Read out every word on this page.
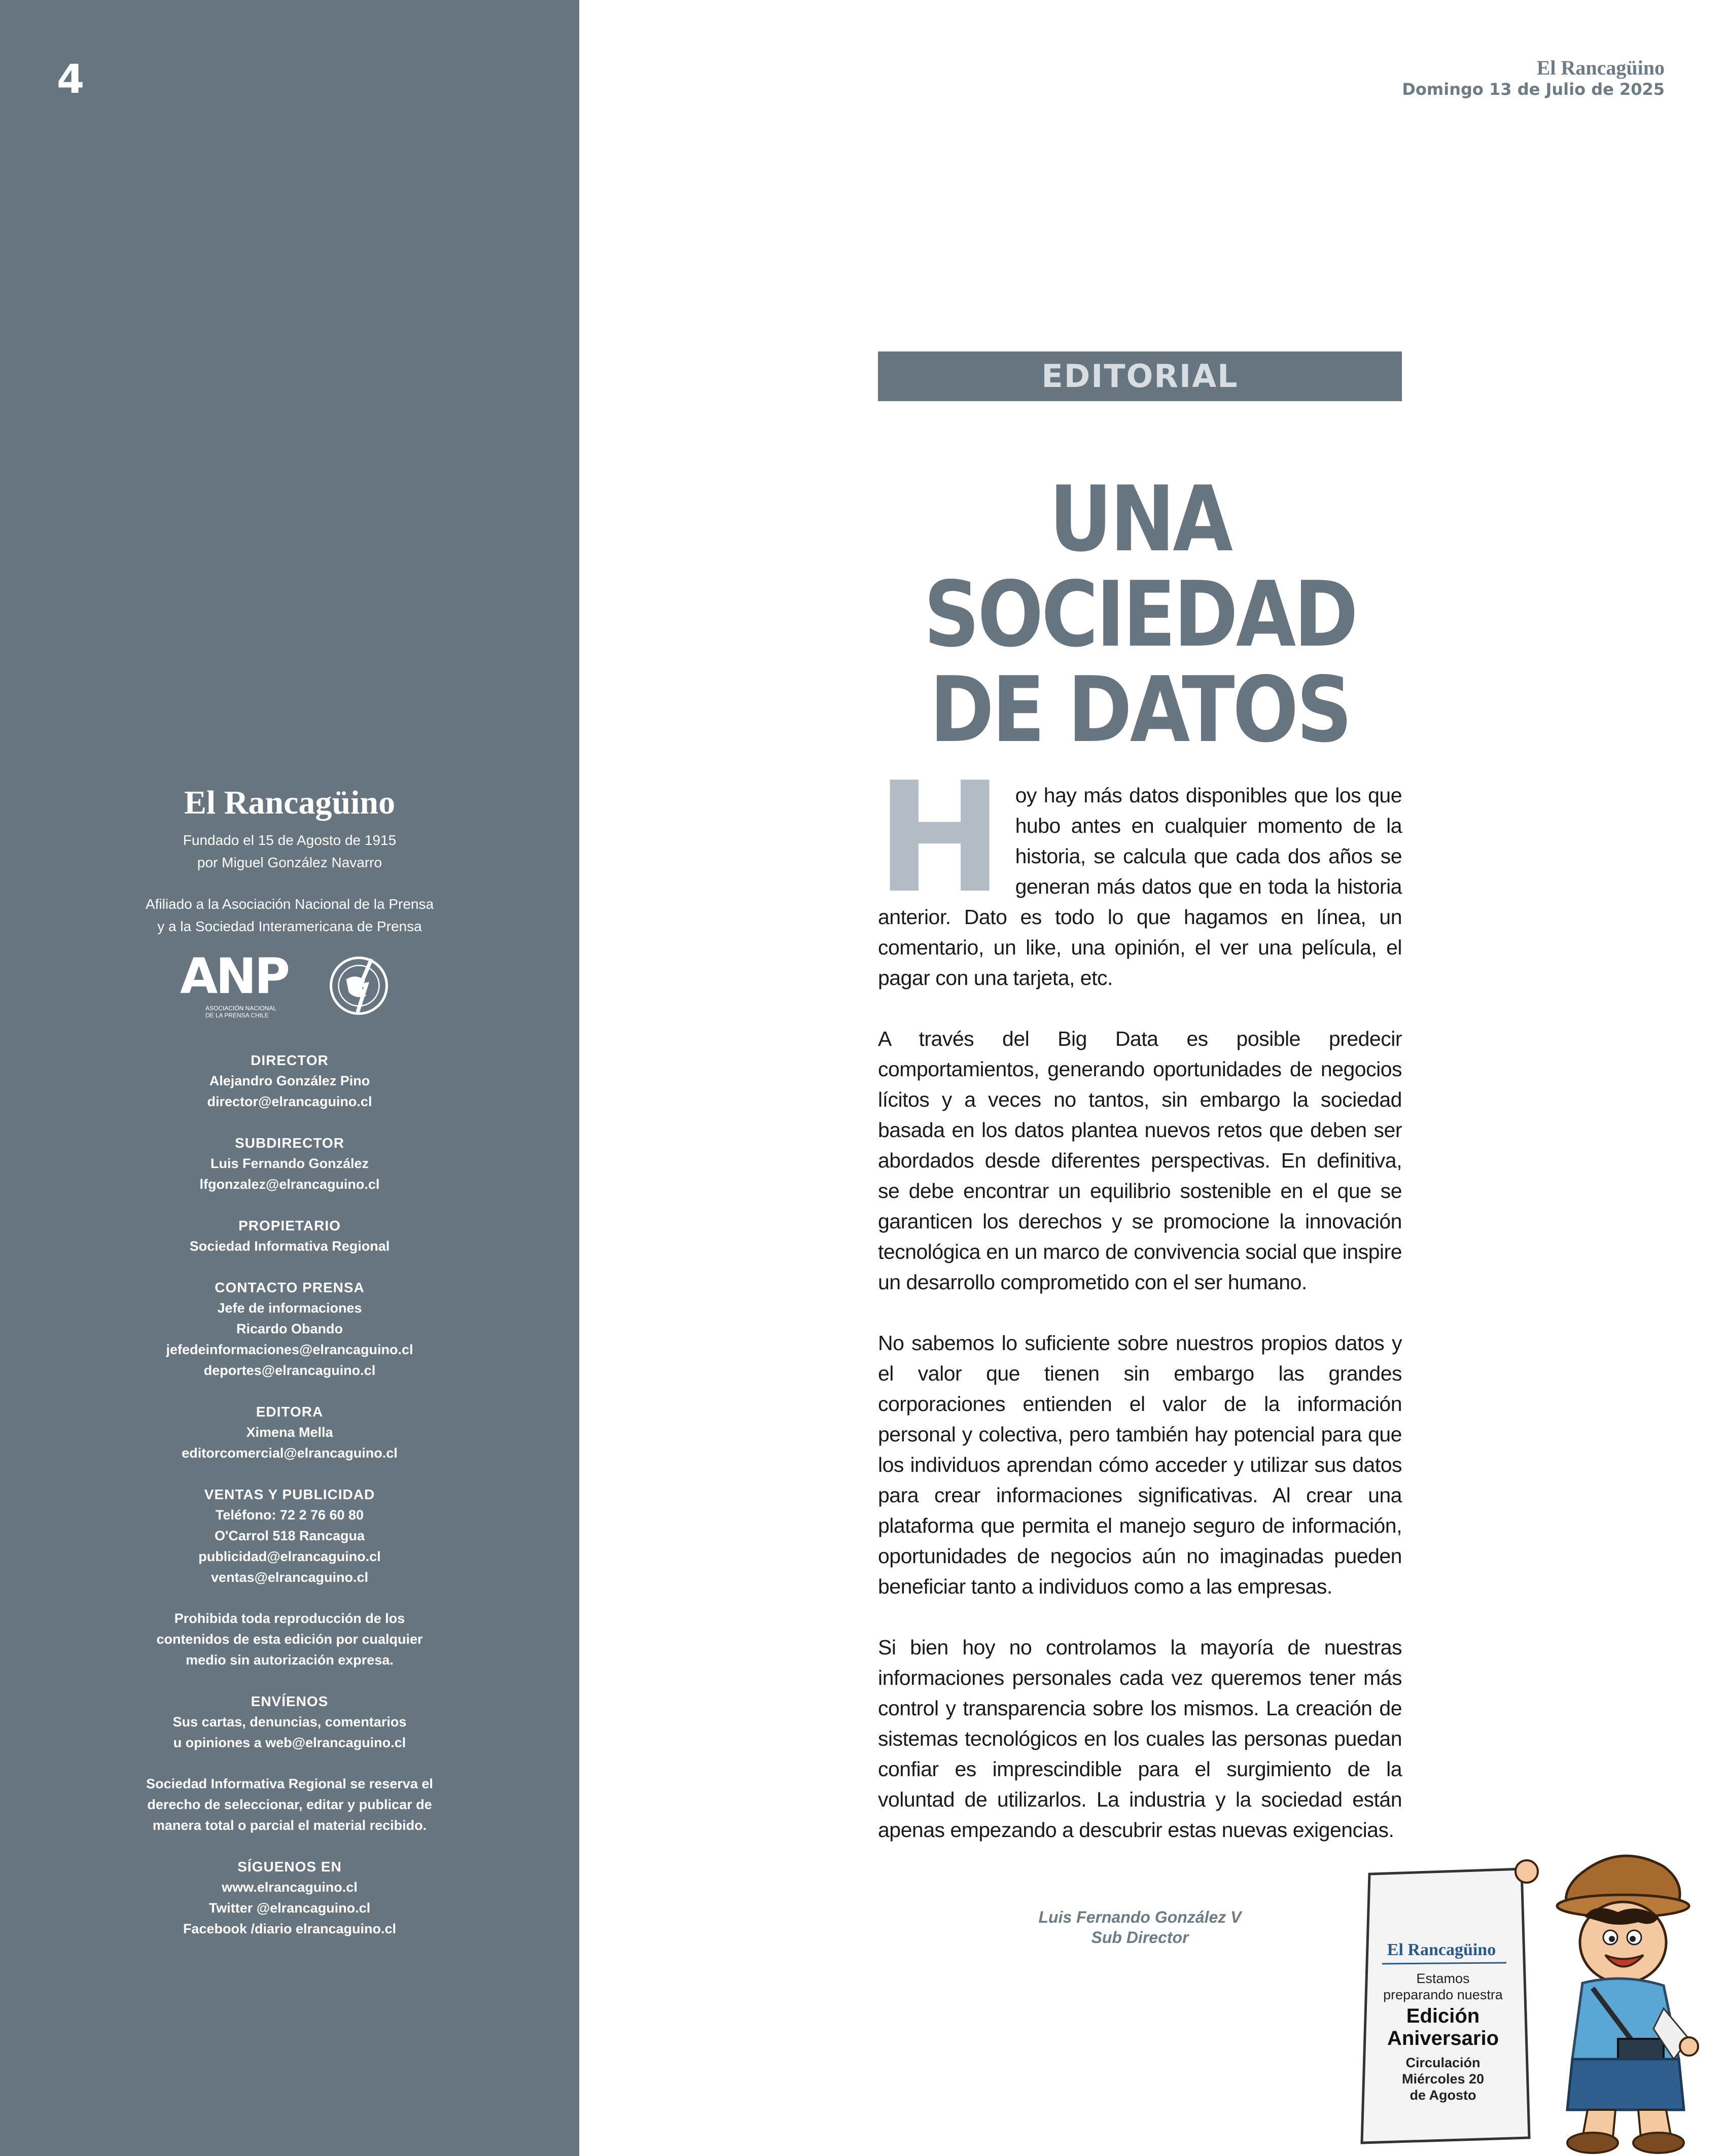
4
El Rancagüino
Fundado el 15 de Agosto de 1915
por Miguel González Navarro
Afiliado a la Asociación Nacional de la Prensa
y a la Sociedad Interamericana de Prensa
ANP
ASOCIACIÓN NACIONAL DE LA PRENSA CHILE
DIRECTOR
Alejandro González Pino
director@elrancaguino.cl
SUBDIRECTOR
Luis Fernando González
lfgonzalez@elrancaguino.cl
PROPIETARIO
Sociedad Informativa Regional
CONTACTO PRENSA
Jefe de informaciones
Ricardo Obando
jefedeinformaciones@elrancaguino.cl
deportes@elrancaguino.cl
EDITORA
Ximena Mella
editorcomercial@elrancaguino.cl
VENTAS Y PUBLICIDAD
Teléfono: 72 2 76 60 80
O'Carrol 518 Rancagua
publicidad@elrancaguino.cl
ventas@elrancaguino.cl
Prohibida toda reproducción de los
contenidos de esta edición por cualquier
medio sin autorización expresa.
ENVÍENOS
Sus cartas, denuncias, comentarios
u opiniones a web@elrancaguino.cl
Sociedad Informativa Regional se reserva el
derecho de seleccionar, editar y publicar de
manera total o parcial el material recibido.
SÍGUENOS EN
www.elrancaguino.cl
Twitter @elrancaguino.cl
Facebook /diario elrancaguino.cl
El Rancagüino
Domingo 13 de Julio de 2025
EDITORIAL
UNA SOCIEDAD
DE DATOS

Hoy hay más datos disponibles que los que hubo antes en cualquier momento de la historia, se calcula que cada dos años se generan más datos que en toda la historia anterior. Dato es todo lo que hagamos en línea, un comentario, un like, una opinión, el ver una película, el pagar con una tarjeta, etc.

A través del Big Data es posible predecir comportamientos, generando oportunidades de negocios lícitos y a veces no tantos, sin embargo la sociedad basada en los datos plantea nuevos retos que deben ser abordados desde diferentes perspectivas. En definitiva, se debe encontrar un equilibrio sostenible en el que se garanticen los derechos y se promocione la innovación tecnológica en un marco de convivencia social que inspire un desarrollo comprometido con el ser humano.

No sabemos lo suficiente sobre nuestros propios datos y el valor que tienen sin embargo las grandes corporaciones entienden el valor de la información personal y colectiva, pero también hay potencial para que los individuos aprendan cómo acceder y utilizar sus datos para crear informaciones significativas. Al crear una plataforma que permita el manejo seguro de información, oportunidades de negocios aún no imaginadas pueden beneficiar tanto a individuos como a las empresas.

Si bien hoy no controlamos la mayoría de nuestras informaciones personales cada vez queremos tener más control y transparencia sobre los mismos. La creación de sistemas tecnológicos en los cuales las personas puedan confiar es imprescindible para el surgimiento de la voluntad de utilizarlos. La industria y la sociedad están apenas empezando a descubrir estas nuevas exigencias.

Luis Fernando González V
Sub Director
El Rancagüino
Estamos
preparando nuestra
Edición
Aniversario
Circulación
Miércoles 20
de Agosto
